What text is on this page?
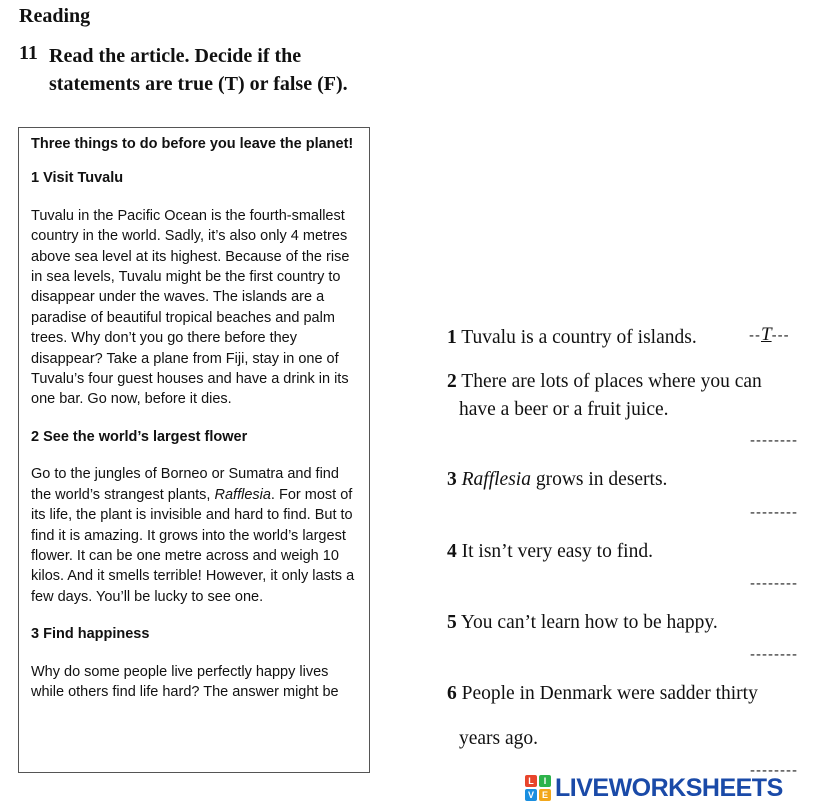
Reading
11 Read the article. Decide if the statements are true (T) or false (F).
Three things to do before you leave the planet!
1 Visit Tuvalu

Tuvalu in the Pacific Ocean is the fourth-smallest country in the world. Sadly, it’s also only 4 metres above sea level at its highest. Because of the rise in sea levels, Tuvalu might be the first country to disappear under the waves. The islands are a paradise of beautiful tropical beaches and palm trees. Why don’t you go there before they disappear? Take a plane from Fiji, stay in one of Tuvalu’s four guest houses and have a drink in its one bar. Go now, before it dies.

2 See the world’s largest flower

Go to the jungles of Borneo or Sumatra and find the world’s strangest plants, Rafflesia. For most of its life, the plant is invisible and hard to find. But to find it is amazing. It grows into the world’s largest flower. It can be one metre across and weigh 10 kilos. And it smells terrible! However, it only lasts a few days. You’ll be lucky to see one.

3 Find happiness

Why do some people live perfectly happy lives while others find life hard? The answer might be

1 Tuvalu is a country of islands.	--T---
2 There are lots of places where you can
have a beer or a fruit juice.
--------
3 Rafflesia grows in deserts.
--------
4 It isn’t very easy to find.
--------
5 You can’t learn how to be happy.
--------
6 People in Denmark were sadder thirty
years ago.
--------
L	I
V E LIVEWORKSHEETS
